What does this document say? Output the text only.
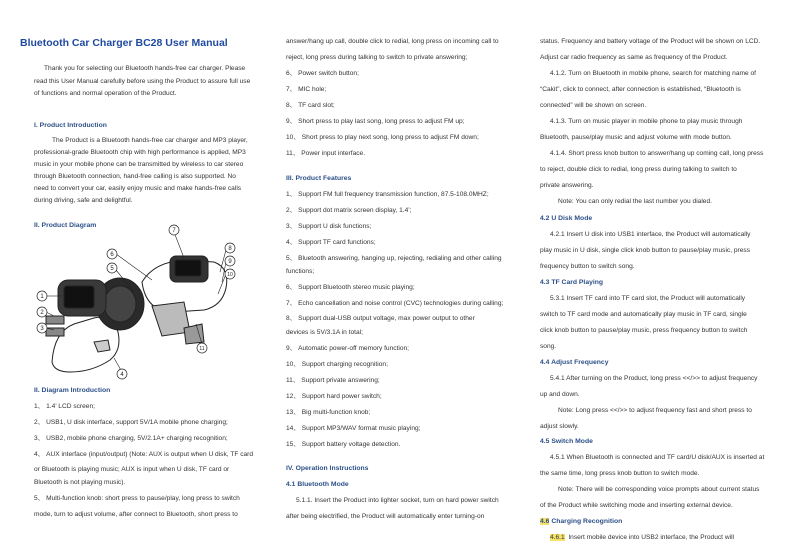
Bluetooth Car Charger BC28 User Manual
Thank you for selecting our Bluetooth hands-free car charger. Please
read this User Manual carefully before using the Product to assure full use
of functions and normal operation of the Product.
I. Product Introduction
The Product is a Bluetooth hands-free car charger and MP3 player,
professional-grade Bluetooth chip with high performance is applied, MP3
music in your mobile phone can be transmitted by wireless to car stereo
through Bluetooth connection, hand-free calling is also supported. No
need to convert your car, easily enjoy music and make hands-free calls
during driving, safe and delightful.
II. Product Diagram
1
2
3
4
5
6
7
8
9
10
11
II. Diagram Introduction
1、 1.4’ LCD screen;
2、 USB1, U disk interface, support 5V/1A mobile phone charging;
3、 USB2, mobile phone charging, 5V/2.1A+ charging recognition;
4、 AUX interface (input/output) (Note: AUX is output when U disk, TF card
or Bluetooth is playing music; AUX is input when U disk, TF card or
Bluetooth is not playing music).
5、 Multi-function knob: short press to pause/play, long press to switch
mode, turn to adjust volume, after connect to Bluetooth, short press to
answer/hang up call, double click to redial, long press on incoming call to
reject, long press during talking to switch to private answering;
6、 Power switch button;
7、 MIC hole;
8、 TF card slot;
9、 Short press to play last song, long press to adjust FM up;
10、 Short press to play next song, long press to adjust FM down;
11、 Power input interface.
III. Product Features
1、 Support FM full frequency transmission function, 87.5-108.0MHZ;
2、 Support dot matrix screen display, 1.4’;
3、 Support U disk functions;
4、 Support TF card functions;
5、 Bluetooth answering, hanging up, rejecting, redialing and other calling
functions;
6、 Support Bluetooth stereo music playing;
7、 Echo cancellation and noise control (CVC) technologies during calling;
8、 Support dual-USB output voltage, max power output to other
devices is 5V/3.1A in total;
9、 Automatic power-off memory function;
10、 Support charging recognition;
11、 Support private answering;
12、 Support hard power switch;
13、 Big multi-function knob;
14、 Support MP3/WAV format music playing;
15、 Support battery voltage detection.
IV. Operation Instructions
4.1 Bluetooth Mode
5.1.1. Insert the Product into lighter socket, turn on hard power switch
after being electrified, the Product will automatically enter turning-on
status. Frequency and battery voltage of the Product will be shown on LCD.
Adjust car radio frequency as same as frequency of the Product.
4.1.2. Turn on Bluetooth in mobile phone, search for matching name of
“Cakit”, click to connect, after connection is established, “Bluetooth is
connected” will be shown on screen.
4.1.3. Turn on music player in mobile phone to play music through
Bluetooth, pause/play music and adjust volume with mode button.
4.1.4. Short press knob button to answer/hang up coming call, long press
to reject, double click to redial, long press during talking to switch to
private answering.
Note: You can only redial the last number you dialed.
4.2 U Disk Mode
4.2.1 Insert U disk into USB1 interface, the Product will automatically
play music in U disk, single click knob button to pause/play music, press
frequency button to switch song.
4.3 TF Card Playing
5.3.1 Insert TF card into TF card slot, the Product will automatically
switch to TF card mode and automatically play music in TF card, single
click knob button to pause/play music, press frequency button to switch
song.
4.4 Adjust Frequency
5.4.1 After turning on the Product, long press <</>> to adjust frequency
up and down.
Note: Long press <</>> to adjust frequency fast and short press to
adjust slowly.
4.5 Switch Mode
4.5.1 When Bluetooth is connected and TF card/U disk/AUX is inserted at
the same time, long press knob button to switch mode.
Note: There will be corresponding voice prompts about current status
of the Product while switching mode and inserting external device.
4.6 Charging Recognition
4.6.1 Insert mobile device into USB2 interface, the Product will
